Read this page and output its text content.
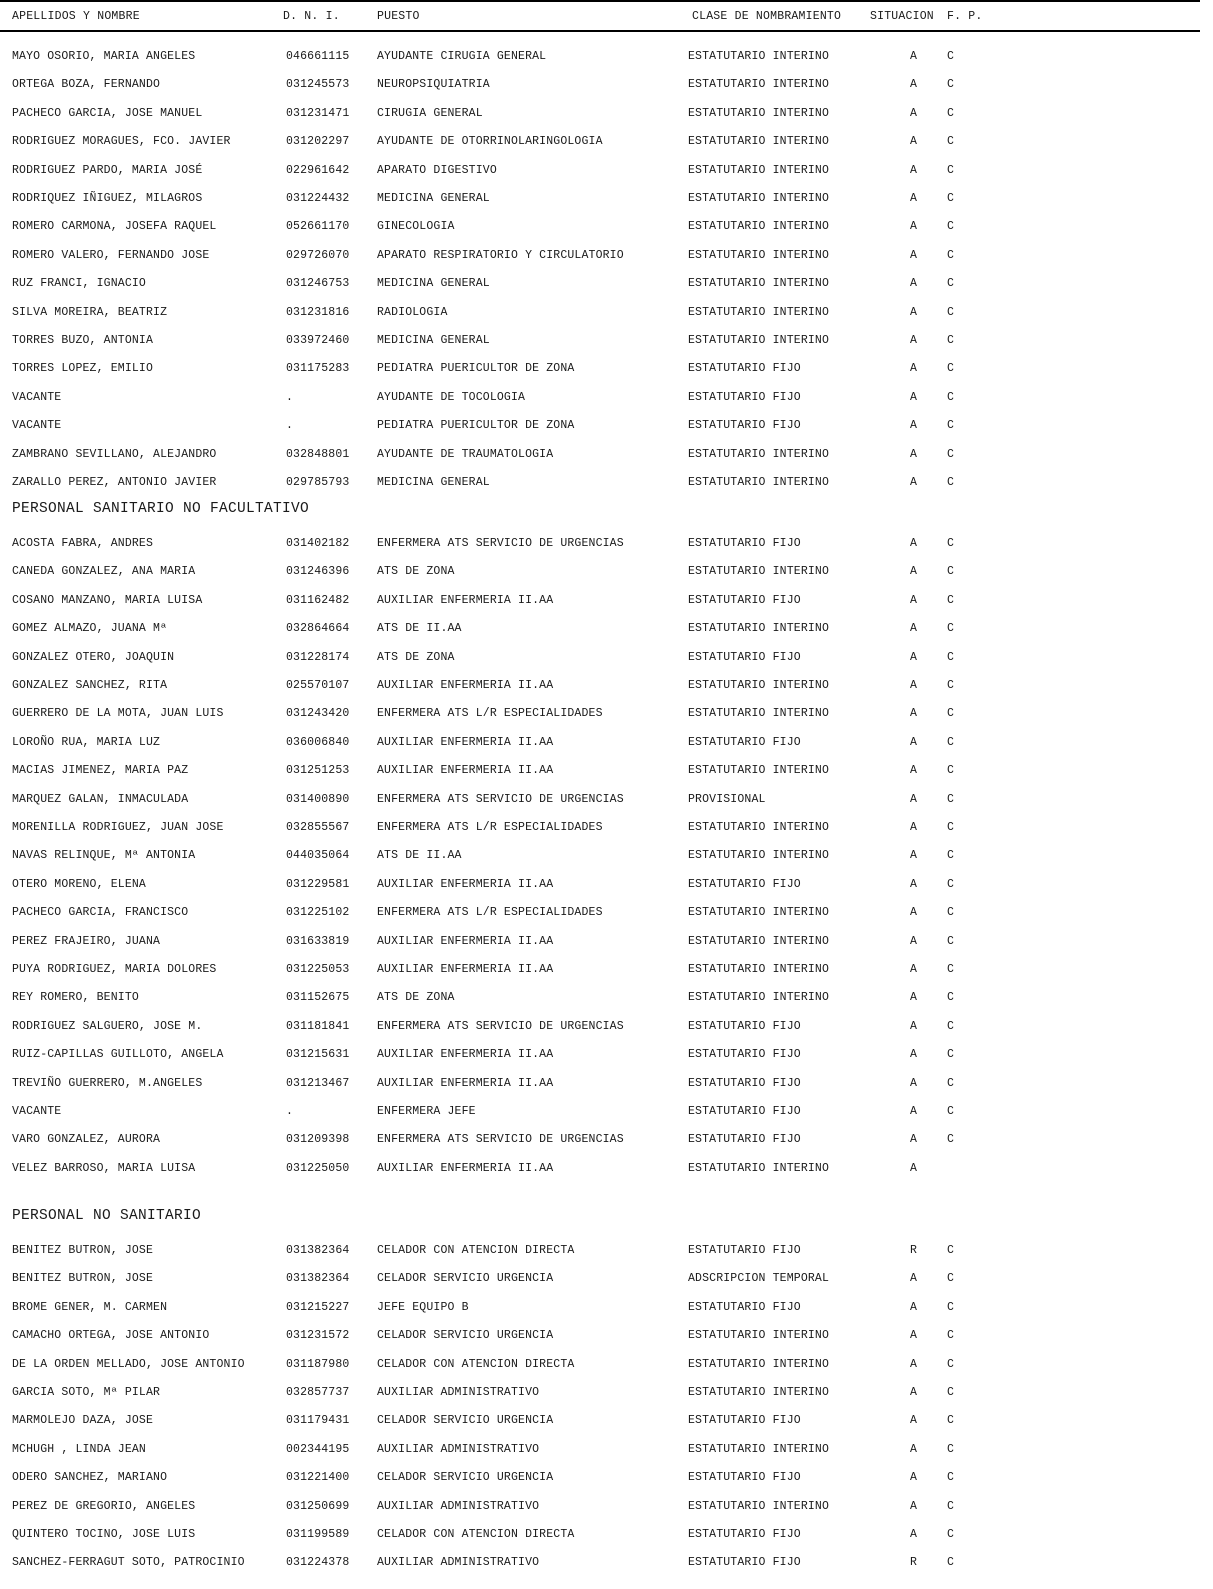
APELLIDOS Y NOMBRE	D. N. I.	PUESTO	CLASE DE NOMBRAMIENTO	SITUACION F. P.
MAYO OSORIO, MARIA ANGELES	046661115 AYUDANTE CIRUGIA GENERAL	ESTATUTARIO INTERINO	A	C
ORTEGA BOZA, FERNANDO	031245573 NEUROPSIQUIATRIA	ESTATUTARIO INTERINO	A	C
PACHECO GARCIA, JOSE MANUEL	031231471 CIRUGIA GENERAL	ESTATUTARIO INTERINO	A	C
RODRIGUEZ MORAGUES, FCO. JAVIER	031202297 AYUDANTE DE OTORRINOLARINGOLOGIA	ESTATUTARIO INTERINO	A	C
RODRIGUEZ PARDO, MARIA JOSÉ	022961642 APARATO DIGESTIVO	ESTATUTARIO INTERINO	A	C
RODRIQUEZ IÑIGUEZ, MILAGROS	031224432 MEDICINA GENERAL	ESTATUTARIO INTERINO	A	C
ROMERO CARMONA, JOSEFA RAQUEL	052661170 GINECOLOGIA	ESTATUTARIO INTERINO	A	C
ROMERO VALERO, FERNANDO JOSE	029726070 APARATO RESPIRATORIO Y CIRCULATORIO	ESTATUTARIO INTERINO	A	C
RUZ FRANCI, IGNACIO	031246753 MEDICINA GENERAL	ESTATUTARIO INTERINO	A	C
SILVA MOREIRA, BEATRIZ	031231816 RADIOLOGIA	ESTATUTARIO INTERINO	A	C
TORRES BUZO, ANTONIA	033972460 MEDICINA GENERAL	ESTATUTARIO INTERINO	A	C
TORRES LOPEZ, EMILIO	031175283 PEDIATRA PUERICULTOR DE ZONA	ESTATUTARIO FIJO	A	C
VACANTE	.	AYUDANTE DE TOCOLOGIA	ESTATUTARIO FIJO	A	C
VACANTE	.	PEDIATRA PUERICULTOR DE ZONA	ESTATUTARIO FIJO	A	C
ZAMBRANO SEVILLANO, ALEJANDRO	032848801 AYUDANTE DE TRAUMATOLOGIA	ESTATUTARIO INTERINO	A	C
ZARALLO PEREZ, ANTONIO JAVIER	029785793 MEDICINA GENERAL	ESTATUTARIO INTERINO	A	C
PERSONAL SANITARIO NO FACULTATIVO
ACOSTA FABRA, ANDRES	031402182 ENFERMERA ATS SERVICIO DE URGENCIAS	ESTATUTARIO FIJO	A	C
CANEDA GONZALEZ, ANA MARIA	031246396 ATS DE ZONA	ESTATUTARIO INTERINO	A	C
COSANO MANZANO, MARIA LUISA	031162482 AUXILIAR ENFERMERIA II.AA	ESTATUTARIO FIJO	A	C
GOMEZ ALMAZO, JUANA Mª	032864664 ATS DE II.AA	ESTATUTARIO INTERINO	A	C
GONZALEZ OTERO, JOAQUIN	031228174 ATS DE ZONA	ESTATUTARIO FIJO	A	C
GONZALEZ SANCHEZ, RITA	025570107 AUXILIAR ENFERMERIA II.AA	ESTATUTARIO INTERINO	A	C
GUERRERO DE LA MOTA, JUAN LUIS	031243420 ENFERMERA ATS L/R ESPECIALIDADES	ESTATUTARIO INTERINO	A	C
LOROÑO RUA, MARIA LUZ	036006840 AUXILIAR ENFERMERIA II.AA	ESTATUTARIO FIJO	A	C
MACIAS JIMENEZ, MARIA PAZ	031251253 AUXILIAR ENFERMERIA II.AA	ESTATUTARIO INTERINO	A	C
MARQUEZ GALAN, INMACULADA	031400890 ENFERMERA ATS SERVICIO DE URGENCIAS	PROVISIONAL	A	C
MORENILLA RODRIGUEZ, JUAN JOSE	032855567 ENFERMERA ATS L/R ESPECIALIDADES	ESTATUTARIO INTERINO	A	C
NAVAS RELINQUE, Mª ANTONIA	044035064 ATS DE II.AA	ESTATUTARIO INTERINO	A	C
OTERO MORENO, ELENA	031229581 AUXILIAR ENFERMERIA II.AA	ESTATUTARIO FIJO	A	C
PACHECO GARCIA, FRANCISCO	031225102 ENFERMERA ATS L/R ESPECIALIDADES	ESTATUTARIO INTERINO	A	C
PEREZ FRAJEIRO, JUANA	031633819 AUXILIAR ENFERMERIA II.AA	ESTATUTARIO INTERINO	A	C
PUYA RODRIGUEZ, MARIA DOLORES	031225053 AUXILIAR ENFERMERIA II.AA	ESTATUTARIO INTERINO	A	C
REY ROMERO, BENITO	031152675 ATS DE ZONA	ESTATUTARIO INTERINO	A	C
RODRIGUEZ SALGUERO, JOSE M.	031181841 ENFERMERA ATS SERVICIO DE URGENCIAS	ESTATUTARIO FIJO	A	C
RUIZ-CAPILLAS GUILLOTO, ANGELA	031215631 AUXILIAR ENFERMERIA II.AA	ESTATUTARIO FIJO	A	C
TREVIÑO GUERRERO, M.ANGELES	031213467 AUXILIAR ENFERMERIA II.AA	ESTATUTARIO FIJO	A	C
VACANTE	.	ENFERMERA JEFE	ESTATUTARIO FIJO	A	C
VARO GONZALEZ, AURORA	031209398 ENFERMERA ATS SERVICIO DE URGENCIAS	ESTATUTARIO FIJO	A	C
VELEZ BARROSO, MARIA LUISA	031225050 AUXILIAR ENFERMERIA II.AA	ESTATUTARIO INTERINO	A
PERSONAL NO SANITARIO
BENITEZ BUTRON, JOSE	031382364 CELADOR CON ATENCION DIRECTA	ESTATUTARIO FIJO	R	C
BENITEZ BUTRON, JOSE	031382364 CELADOR SERVICIO URGENCIA	ADSCRIPCION TEMPORAL	A	C
BROME GENER, M. CARMEN	031215227 JEFE EQUIPO B	ESTATUTARIO FIJO	A	C
CAMACHO ORTEGA, JOSE ANTONIO	031231572 CELADOR SERVICIO URGENCIA	ESTATUTARIO INTERINO	A	C
DE LA ORDEN MELLADO, JOSE ANTONIO	031187980 CELADOR CON ATENCION DIRECTA	ESTATUTARIO INTERINO	A	C
GARCIA SOTO, Mª PILAR	032857737 AUXILIAR ADMINISTRATIVO	ESTATUTARIO INTERINO	A	C
MARMOLEJO DAZA, JOSE	031179431 CELADOR SERVICIO URGENCIA	ESTATUTARIO FIJO	A	C
MCHUGH , LINDA JEAN	002344195 AUXILIAR ADMINISTRATIVO	ESTATUTARIO INTERINO	A	C
ODERO SANCHEZ, MARIANO	031221400 CELADOR SERVICIO URGENCIA	ESTATUTARIO FIJO	A	C
PEREZ DE GREGORIO, ANGELES	031250699 AUXILIAR ADMINISTRATIVO	ESTATUTARIO INTERINO	A	C
QUINTERO TOCINO, JOSE LUIS	031199589 CELADOR CON ATENCION DIRECTA	ESTATUTARIO FIJO	A	C
SANCHEZ-FERRAGUT SOTO, PATROCINIO	031224378 AUXILIAR ADMINISTRATIVO	ESTATUTARIO FIJO	R	C
